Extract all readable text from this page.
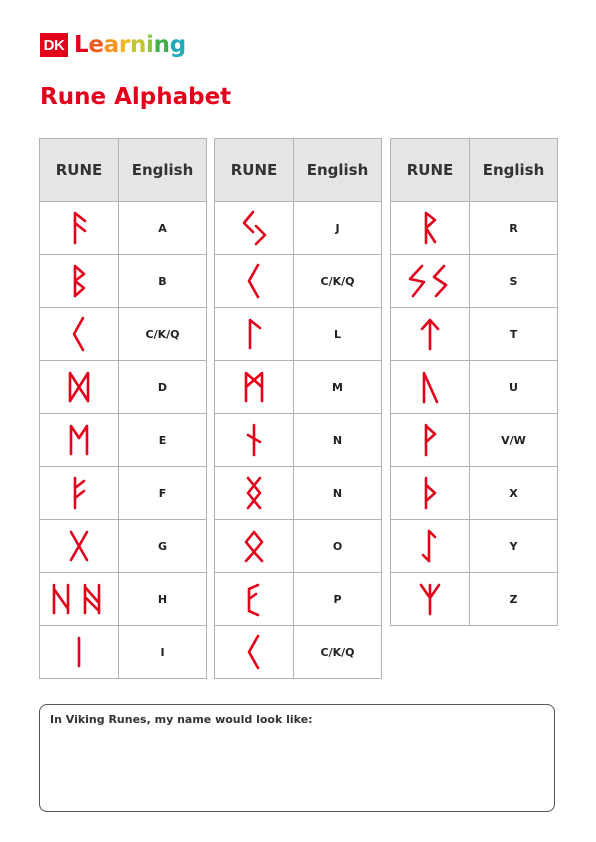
DK Learning
Rune Alphabet
RUNE	English

	A

	B

	C/K/Q

	D

	E

	F

	G

	H

	I
RUNE	English

	J

	C/K/Q

	L

	M

	N

	N

	O

	P

	C/K/Q
RUNE	English

	R

	S

	T

	U

	V/W

	X

	Y

	Z
In Viking Runes, my name would look like:
